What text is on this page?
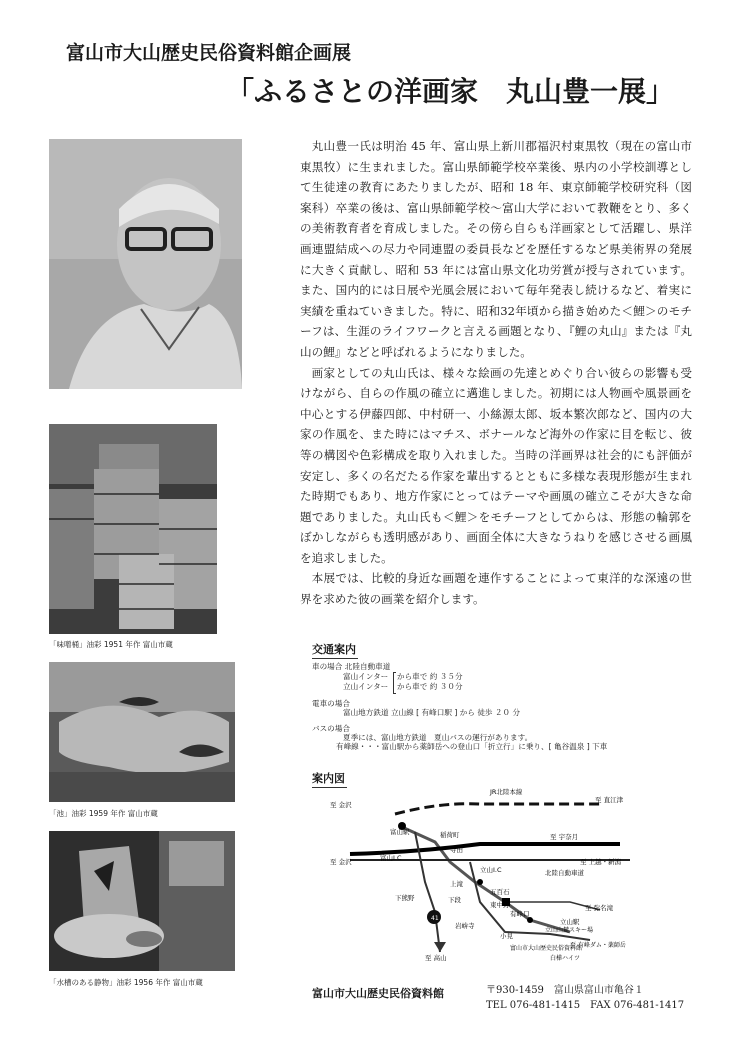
富山市大山歴史民俗資料館企画展
「ふるさとの洋画家　丸山豊一展」
「味噌桶」油彩 1951 年作 富山市蔵
「池」油彩 1959 年作 富山市蔵
「水槽のある静物」油彩 1956 年作 富山市蔵

丸山豊一氏は明治 45 年、富山県上新川郡福沢村東黒牧（現在の富山市東黒牧）に生まれました。富山県師範学校卒業後、県内の小学校訓導として生徒達の教育にあたりましたが、昭和 18 年、東京師範学校研究科（図案科）卒業の後は、富山県師範学校～富山大学において教鞭をとり、多くの美術教育者を育成しました。その傍ら自らも洋画家として活躍し、県洋画連盟結成への尽力や同連盟の委員長などを歴任するなど県美術界の発展に大きく貢献し、昭和 53 年には富山県文化功労賞が授与されています。また、国内的には日展や光風会展において毎年発表し続けるなど、着実に実績を重ねていきました。特に、昭和32年頃から描き始めた＜鯉＞のモチーフは、生涯のライフワークと言える画題となり、『鯉の丸山』または『丸山の鯉』などと呼ばれるようになりました。

画家としての丸山氏は、様々な絵画の先達とめぐり合い彼らの影響も受けながら、自らの作風の確立に邁進しました。初期には人物画や風景画を中心とする伊藤四郎、中村研一、小絲源太郎、坂本繁次郎など、国内の大家の作風を、また時にはマチス、ボナールなど海外の作家に目を転じ、彼等の構図や色彩構成を取り入れました。当時の洋画界は社会的にも評価が安定し、多くの名だたる作家を輩出するとともに多様な表現形態が生まれた時期でもあり、地方作家にとってはテーマや画風の確立こそが大きな命題でありました。丸山氏も＜鯉＞をモチーフとしてからは、形態の輪郭をぼかしながらも透明感があり、画面全体に大きなうねりを感じさせる画風を追求しました。

本展では、比較的身近な画題を連作することによって東洋的な深遠の世界を求めた彼の画業を紹介します。

交通案内
車の場合 北陸自動車道
富山インター から車で 約 ３５分
立山インター から車で 約 ３０分
電車の場合
富山地方鉄道 立山線 [ 有峰口駅 ] から 徒歩 ２０ 分
バスの場合
夏季には、富山地方鉄道　夏山バスの運行があります。
有峰線・・・富山駅から薬師岳への登山口「折立行」に乗り、[ 亀谷温泉 ] 下車
案内図
41
JR北陸本線
至 直江津
至 金沢
富山駅	稲荷町
寺田
至 宇奈月
至 金沢	富山I.C
立山I.C
至 上越・新潟
北陸自動車道
上滝
下段
下熊野
五百石
東中野
有峰口
至 弥名滝
岩峅寺
小見
立山駅
立山山麓スキー場
富山市大山歴史民俗資料館
至 有峰ダム・薬師岳
白樺ハイツ
至 高山
富山市大山歴史民俗資料館	〒930-1459　富山県富山市亀谷１
TEL 076-481-1415　FAX 076-481-1417
